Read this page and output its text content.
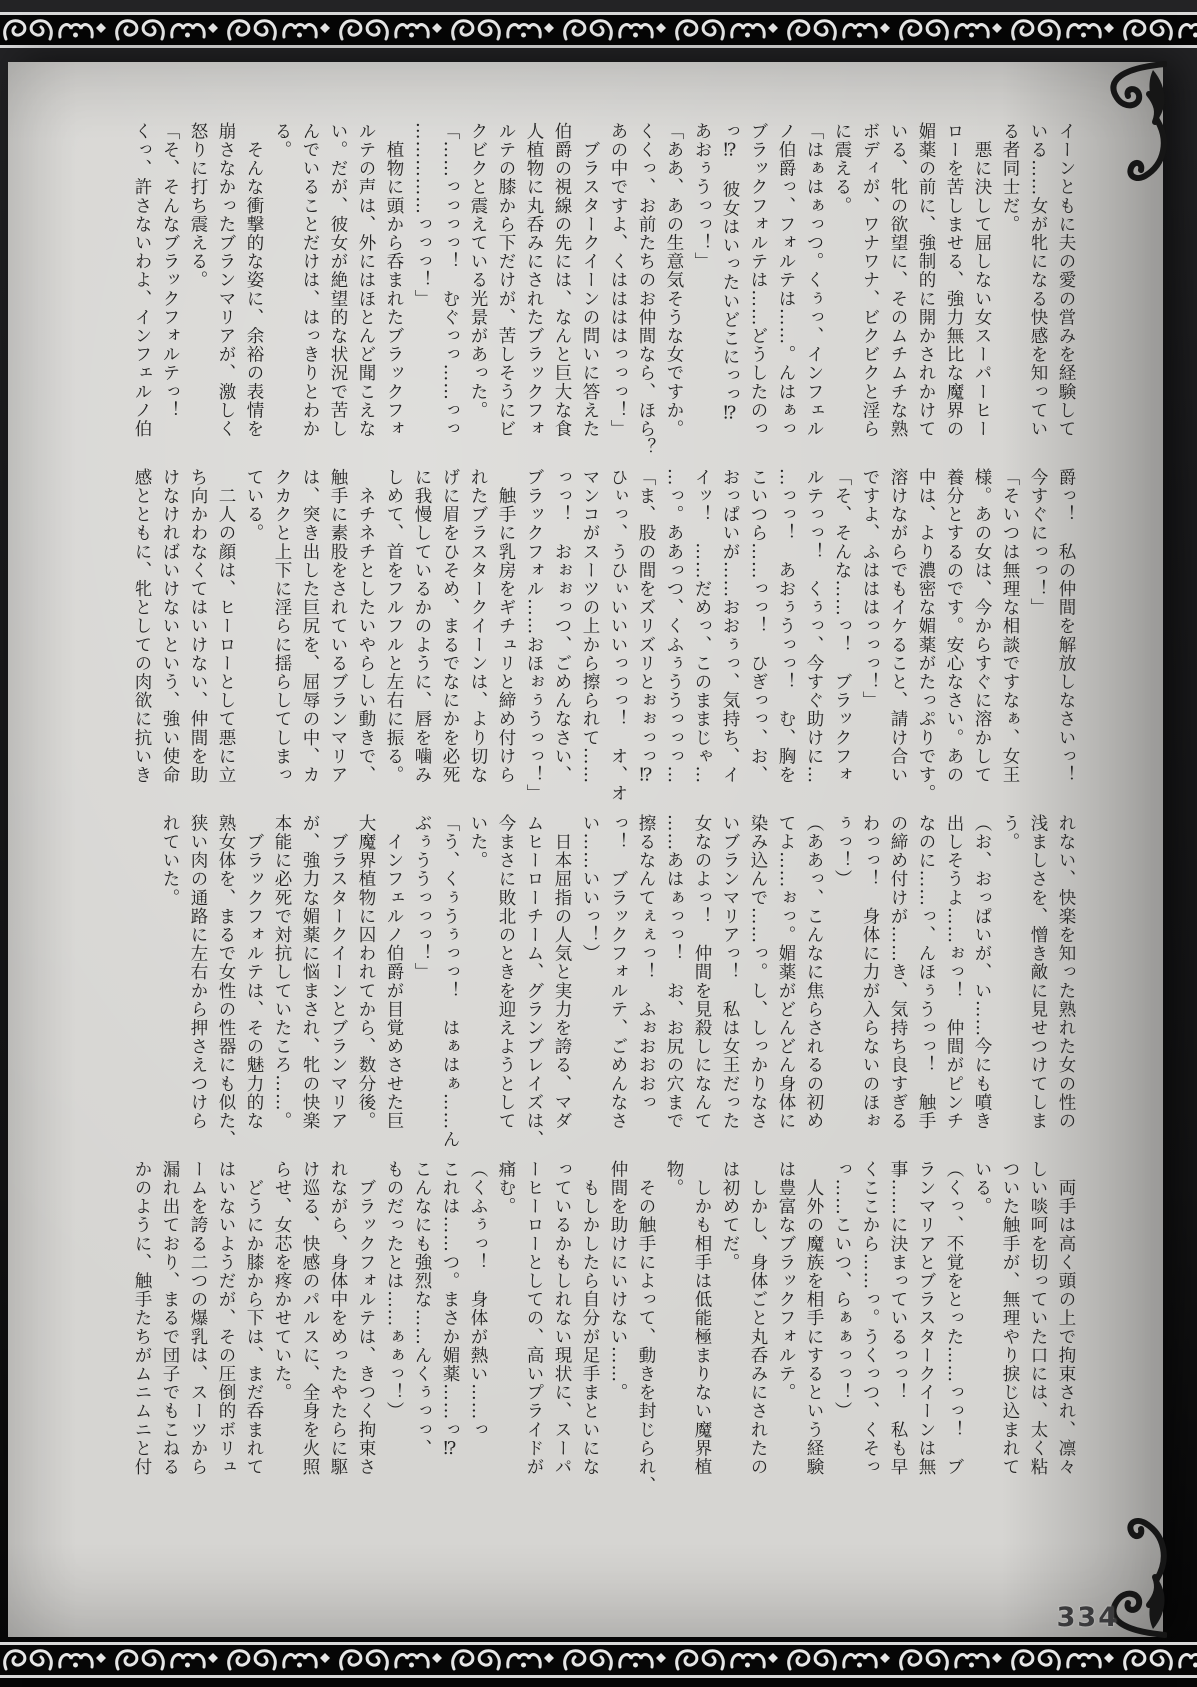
イーンともに夫の愛の営みを経験して
いる……女が牝になる快感を知ってい
る者同士だ。
　悪に決して屈しない女スーパーヒー
ローを苦しませる、強力無比な魔界の
媚薬の前に、強制的に開かされかけて
いる、牝の欲望に、そのムチムチな熟
ボディが、ワナワナ、ビクビクと淫ら
に震える。
「はぁはぁっつ。くぅっ、インフェル
ノ伯爵っ、フォルテは……。んはぁっ
ブラックフォルテは……どうしたのっ
っ⁉　彼女はいったいどこにっっ⁉
あおぅうっっ！」
「ああ、あの生意気そうな女ですか。
くくっ、お前たちのお仲間なら、ほら？
あの中ですよ、くははははっっっ！」
　ブラスタークイーンの問いに答えた
伯爵の視線の先には、なんと巨大な食
人植物に丸呑みにされたブラックフォ
ルテの膝から下だけが、苦しそうにビ
クビクと震えている光景があった。
「……っっっっ！　むぐっっ……っっ
……………っっっ！」
　植物に頭から呑まれたブラックフォ
ルテの声は、外にはほとんど聞こえな
い。だが、彼女が絶望的な状況で苦し
んでいることだけは、はっきりとわか
る。
　そんな衝撃的な姿に、余裕の表情を
崩さなかったブランマリアが、激しく
怒りに打ち震える。
「そ、そんなブラックフォルテっ！
くっ、許さないわよ、インフェルノ伯
爵っ！　私の仲間を解放しなさいっ！
今すぐにっっ！」
「そいつは無理な相談ですなぁ、女王
様。あの女は、今からすぐに溶かして
養分とするのです。安心なさい。あの
中は、より濃密な媚薬がたっぷりです。
溶けながらでもイケること、請け合い
ですよ、ふはははっっっ！」
「そ、そんな……っ！　ブラックフォ
ルテっっ！　くぅっ、今すぐ助けに…
…っっ！　あおぅうっっ！　む、胸を
こいつら……っっ！　ひぎっっ、お、
おっぱいが……おおぅっ、気持ち、イ
イッ！　……だめっ、このままじゃ…
…っ。ああっつ、くふぅううっっっ…
「ま、股の間をズリズリとぉぉっっ⁉
ひぃっ、うひぃいいいっっっ！　オ、オ
マンコがスーツの上から擦られて……
っっ！　おぉぉっつ、ごめんなさい、
ブラックフォル……おほぉぅうっっ！」
　触手に乳房をギチュリと締め付けら
れたブラスタークイーンは、より切な
げに眉をひそめ、まるでなにかを必死
に我慢しているかのように、唇を噛み
しめて、首をフルフルと左右に振る。
　ネチネチとしたいやらしい動きで、
触手に素股をされているブランマリア
は、突き出した巨尻を、屈辱の中、カ
クカクと上下に淫らに揺らしてしまっ
ている。
　二人の顔は、ヒーローとして悪に立
ち向かわなくてはいけない、仲間を助
けなければいけないという、強い使命
感とともに、牝としての肉欲に抗いき
れない、快楽を知った熟れた女の性の
浅ましさを、憎き敵に見せつけてしま
う。
（お、おっぱいが、い……今にも噴き
出しそうよ……ぉっ！　仲間がピンチ
なのに……っ、んほぅうっっ！　触手
の締め付けが……き、気持ち良すぎる
わっっ！　身体に力が入らないのほぉ
ぅっ！）
（ああっ、こんなに焦らされるの初め
てよ……ぉっ。媚薬がどんどん身体に
染み込んで……っ。し、しっかりなさ
いブランマリアっ！　私は女王だった
女なのよっ！　仲間を見殺しになんて
……あはぁっっ！　お、お尻の穴まで
擦るなんてぇぇっ！　ふぉおおおっ
っ！　ブラックフォルテ、ごめんなさ
い……いいっ！）
　日本屈指の人気と実力を誇る、マダ
ムヒーローチーム、グランブレイズは、
今まさに敗北のときを迎えようとして
いた。
「う、くぅうぅっっ！　はぁはぁ……ん
ぶぅううっっっ！」
　インフェルノ伯爵が目覚めさせた巨
大魔界植物に囚われてから、数分後。
　ブラスタークイーンとブランマリア
が、強力な媚薬に悩まされ、牝の快楽
本能に必死で対抗していたころ……。
　ブラックフォルテは、その魅力的な
熟女体を、まるで女性の性器にも似た、
狭い肉の通路に左右から押さえつけら
れていた。
　両手は高く頭の上で拘束され、凛々
しい啖呵を切っていた口には、太く粘
ついた触手が、無理やり捩じ込まれて
いる。
（くっ、不覚をとった……っっ！　ブ
ランマリアとブラスタークイーンは無
事……に決まっているっっ！　私も早
くここから……っ。うくっつ、くそっ
っ……こいつ、らぁぁっっ！）
　人外の魔族を相手にするという経験
は豊富なブラックフォルテ。
　しかし、身体ごと丸呑みにされたの
は初めてだ。
　しかも相手は低能極まりない魔界植
物。
　その触手によって、動きを封じられ、
仲間を助けにいけない……。
　もしかしたら自分が足手まといにな
っているかもしれない現状に、スーパ
ーヒーローとしての、高いプライドが
痛む。
（くふぅっ！　身体が熱い……っ
これは……つ。まさか媚薬……っ⁉
こんなにも強烈な……んくぅっっ、
ものだったとは……ぁぁっ！）
　ブラックフォルテは、きつく拘束さ
れながら、身体中をめったやたらに駆
け巡る、快感のパルスに、全身を火照
らせ、女芯を疼かせていた。
　どうにか膝から下は、まだ呑まれて
はいないようだが、その圧倒的ボリュ
ームを誇る二つの爆乳は、スーツから
漏れ出ており、まるで団子でもこねる
かのように、触手たちがムニムニと付
334
